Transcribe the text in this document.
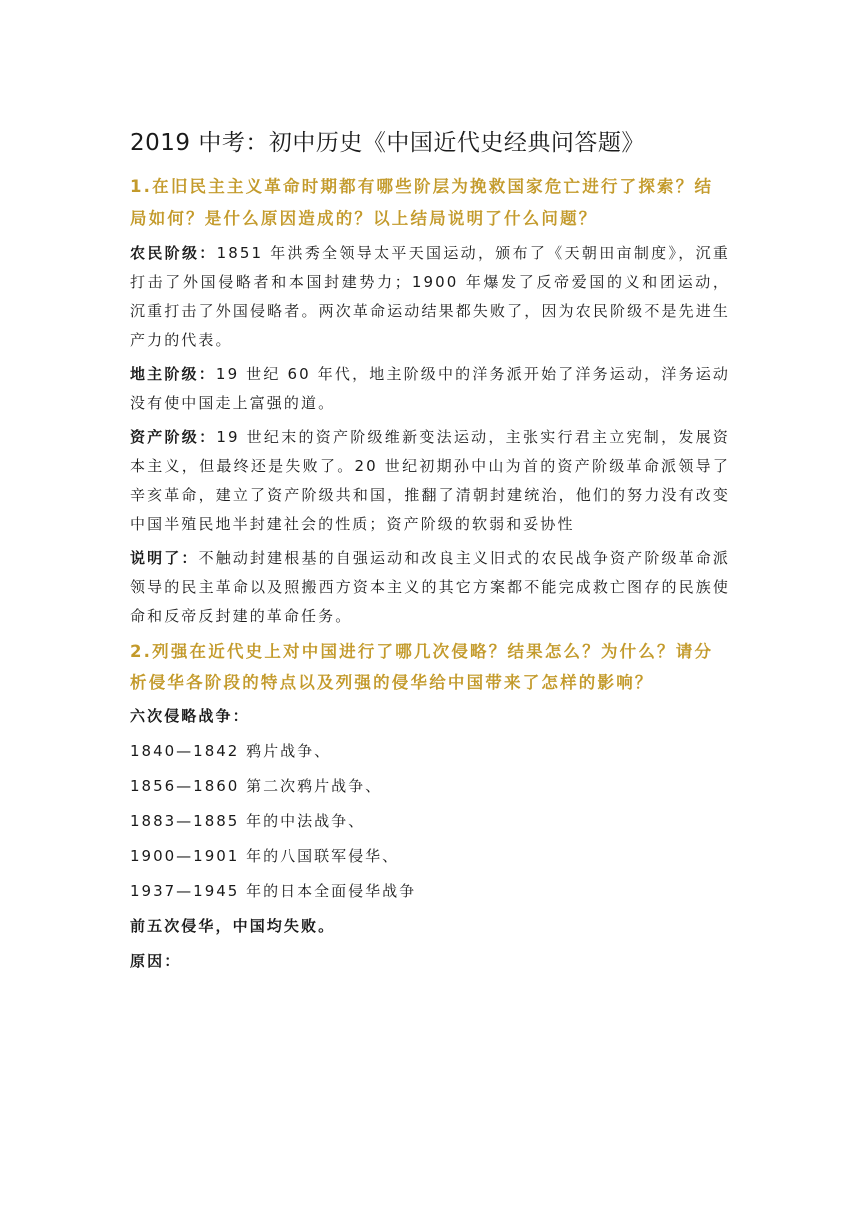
2019 中考：初中历史《中国近代史经典问答题》

1.在旧民主主义革命时期都有哪些阶层为挽救国家危亡进行了探索？结局如何？是什么原因造成的？以上结局说明了什么问题？

农民阶级：1851 年洪秀全领导太平天国运动，颁布了《天朝田亩制度》，沉重打击了外国侵略者和本国封建势力；1900 年爆发了反帝爱国的义和团运动，沉重打击了外国侵略者。两次革命运动结果都失败了，因为农民阶级不是先进生产力的代表。

地主阶级：19 世纪 60 年代，地主阶级中的洋务派开始了洋务运动，洋务运动没有使中国走上富强的道。

资产阶级：19 世纪末的资产阶级维新变法运动，主张实行君主立宪制，发展资本主义，但最终还是失败了。20 世纪初期孙中山为首的资产阶级革命派领导了辛亥革命，建立了资产阶级共和国，推翻了清朝封建统治，他们的努力没有改变中国半殖民地半封建社会的性质；资产阶级的软弱和妥协性

说明了：不触动封建根基的自强运动和改良主义旧式的农民战争资产阶级革命派领导的民主革命以及照搬西方资本主义的其它方案都不能完成救亡图存的民族使命和反帝反封建的革命任务。

2.列强在近代史上对中国进行了哪几次侵略？结果怎么？为什么？请分析侵华各阶段的特点以及列强的侵华给中国带来了怎样的影响？

六次侵略战争：

1840—1842 鸦片战争、
1856—1860 第二次鸦片战争、
1883—1885 年的中法战争、
1900—1901 年的八国联军侵华、
1937—1945 年的日本全面侵华战争

前五次侵华，中国均失败。

原因：
